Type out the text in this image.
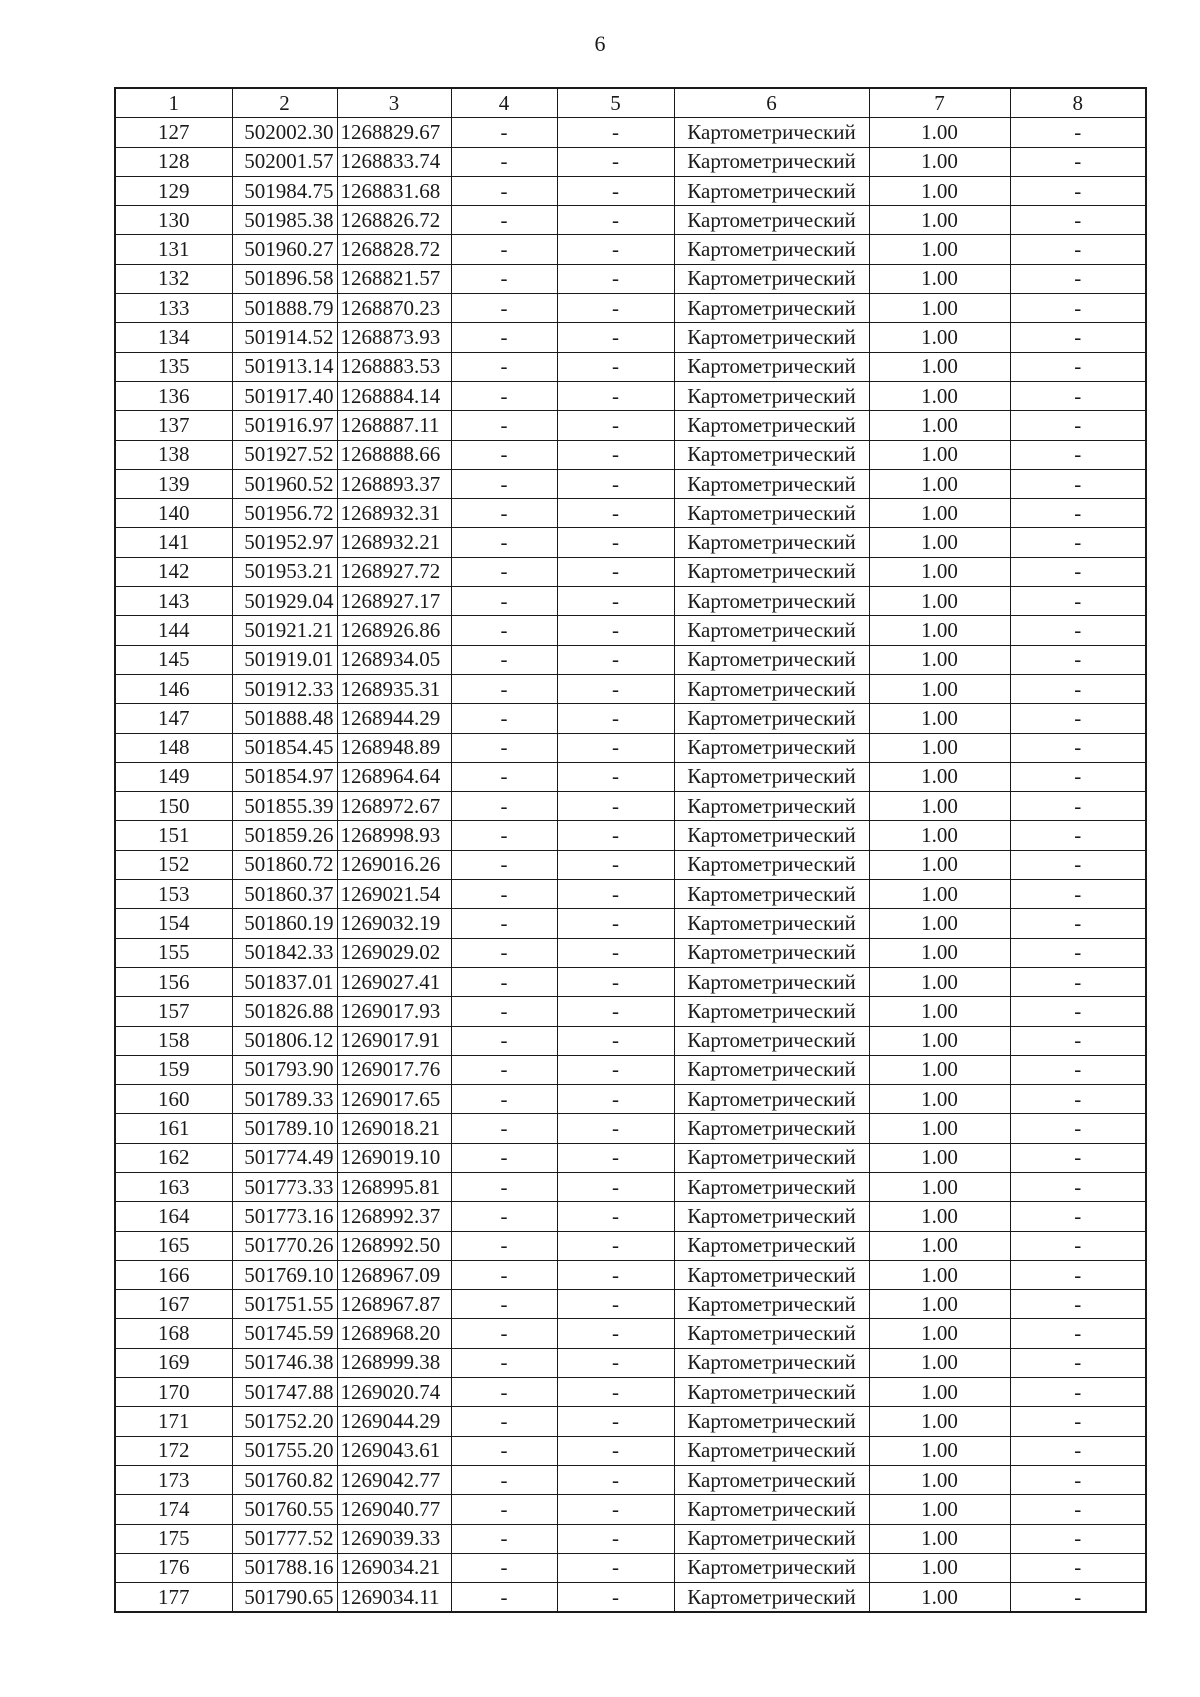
6
1	2	3	4	5	6	7	8
127	502002.30	1268829.67	-	-	Картометрический	1.00	-
128	502001.57	1268833.74	-	-	Картометрический	1.00	-
129	501984.75	1268831.68	-	-	Картометрический	1.00	-
130	501985.38	1268826.72	-	-	Картометрический	1.00	-
131	501960.27	1268828.72	-	-	Картометрический	1.00	-
132	501896.58	1268821.57	-	-	Картометрический	1.00	-
133	501888.79	1268870.23	-	-	Картометрический	1.00	-
134	501914.52	1268873.93	-	-	Картометрический	1.00	-
135	501913.14	1268883.53	-	-	Картометрический	1.00	-
136	501917.40	1268884.14	-	-	Картометрический	1.00	-
137	501916.97	1268887.11	-	-	Картометрический	1.00	-
138	501927.52	1268888.66	-	-	Картометрический	1.00	-
139	501960.52	1268893.37	-	-	Картометрический	1.00	-
140	501956.72	1268932.31	-	-	Картометрический	1.00	-
141	501952.97	1268932.21	-	-	Картометрический	1.00	-
142	501953.21	1268927.72	-	-	Картометрический	1.00	-
143	501929.04	1268927.17	-	-	Картометрический	1.00	-
144	501921.21	1268926.86	-	-	Картометрический	1.00	-
145	501919.01	1268934.05	-	-	Картометрический	1.00	-
146	501912.33	1268935.31	-	-	Картометрический	1.00	-
147	501888.48	1268944.29	-	-	Картометрический	1.00	-
148	501854.45	1268948.89	-	-	Картометрический	1.00	-
149	501854.97	1268964.64	-	-	Картометрический	1.00	-
150	501855.39	1268972.67	-	-	Картометрический	1.00	-
151	501859.26	1268998.93	-	-	Картометрический	1.00	-
152	501860.72	1269016.26	-	-	Картометрический	1.00	-
153	501860.37	1269021.54	-	-	Картометрический	1.00	-
154	501860.19	1269032.19	-	-	Картометрический	1.00	-
155	501842.33	1269029.02	-	-	Картометрический	1.00	-
156	501837.01	1269027.41	-	-	Картометрический	1.00	-
157	501826.88	1269017.93	-	-	Картометрический	1.00	-
158	501806.12	1269017.91	-	-	Картометрический	1.00	-
159	501793.90	1269017.76	-	-	Картометрический	1.00	-
160	501789.33	1269017.65	-	-	Картометрический	1.00	-
161	501789.10	1269018.21	-	-	Картометрический	1.00	-
162	501774.49	1269019.10	-	-	Картометрический	1.00	-
163	501773.33	1268995.81	-	-	Картометрический	1.00	-
164	501773.16	1268992.37	-	-	Картометрический	1.00	-
165	501770.26	1268992.50	-	-	Картометрический	1.00	-
166	501769.10	1268967.09	-	-	Картометрический	1.00	-
167	501751.55	1268967.87	-	-	Картометрический	1.00	-
168	501745.59	1268968.20	-	-	Картометрический	1.00	-
169	501746.38	1268999.38	-	-	Картометрический	1.00	-
170	501747.88	1269020.74	-	-	Картометрический	1.00	-
171	501752.20	1269044.29	-	-	Картометрический	1.00	-
172	501755.20	1269043.61	-	-	Картометрический	1.00	-
173	501760.82	1269042.77	-	-	Картометрический	1.00	-
174	501760.55	1269040.77	-	-	Картометрический	1.00	-
175	501777.52	1269039.33	-	-	Картометрический	1.00	-
176	501788.16	1269034.21	-	-	Картометрический	1.00	-
177	501790.65	1269034.11	-	-	Картометрический	1.00	-
